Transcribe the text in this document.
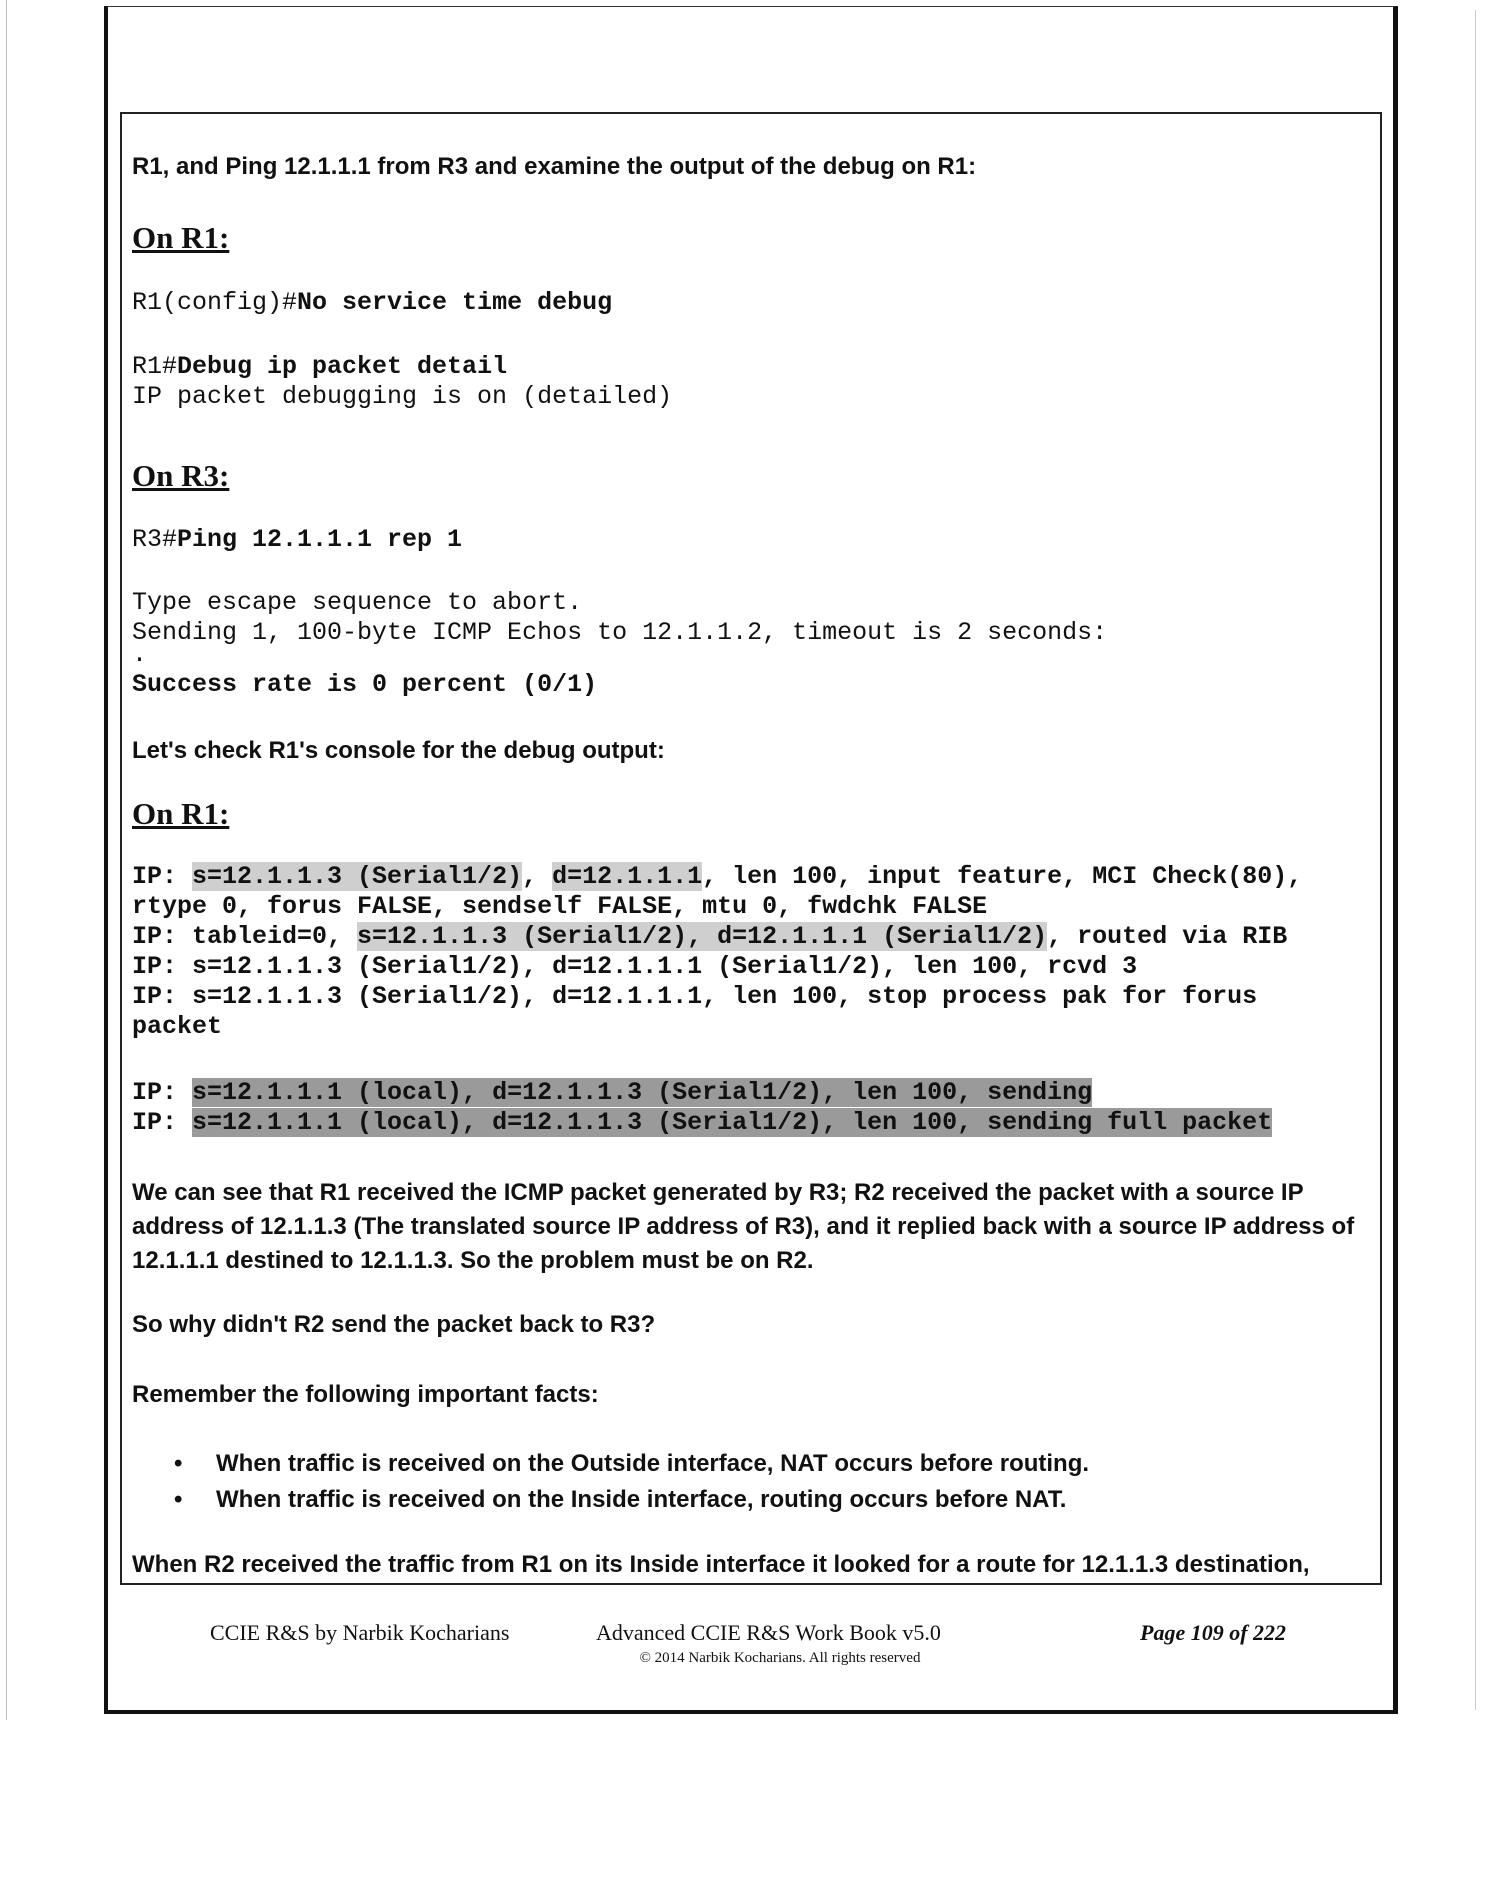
R1, and Ping 12.1.1.1 from R3 and examine the output of the debug on R1:

On R1:

R1(config)#No service time debug

R1#Debug ip packet detail

IP packet debugging is on (detailed)

On R3:

R3#Ping 12.1.1.1 rep 1

Type escape sequence to abort.

Sending 1, 100-byte ICMP Echos to 12.1.1.2, timeout is 2 seconds:

.

Success rate is 0 percent (0/1)

Let's check R1's console for the debug output:

On R1:

IP: s=12.1.1.3 (Serial1/2), d=12.1.1.1, len 100, input feature, MCI Check(80),

rtype 0, forus FALSE, sendself FALSE, mtu 0, fwdchk FALSE

IP: tableid=0, s=12.1.1.3 (Serial1/2), d=12.1.1.1 (Serial1/2), routed via RIB

IP: s=12.1.1.3 (Serial1/2), d=12.1.1.1 (Serial1/2), len 100, rcvd 3

IP: s=12.1.1.3 (Serial1/2), d=12.1.1.1, len 100, stop process pak for forus

packet

IP: s=12.1.1.1 (local), d=12.1.1.3 (Serial1/2), len 100, sending

IP: s=12.1.1.1 (local), d=12.1.1.3 (Serial1/2), len 100, sending full packet

We can see that R1 received the ICMP packet generated by R3; R2 received the packet with a source IP

address of 12.1.1.3 (The translated source IP address of R3), and it replied back with a source IP address of

12.1.1.1 destined to 12.1.1.3. So the problem must be on R2.

So why didn't R2 send the packet back to R3?

Remember the following important facts:

• When traffic is received on the Outside interface, NAT occurs before routing.
• When traffic is received on the Inside interface, routing occurs before NAT.

When R2 received the traffic from R1 on its Inside interface it looked for a route for 12.1.1.3 destination,

CCIE R&S by Narbik Kocharians	Advanced CCIE R&S Work Book v5.0
© 2014 Narbik Kocharians. All rights reserved
Page 109 of 222
